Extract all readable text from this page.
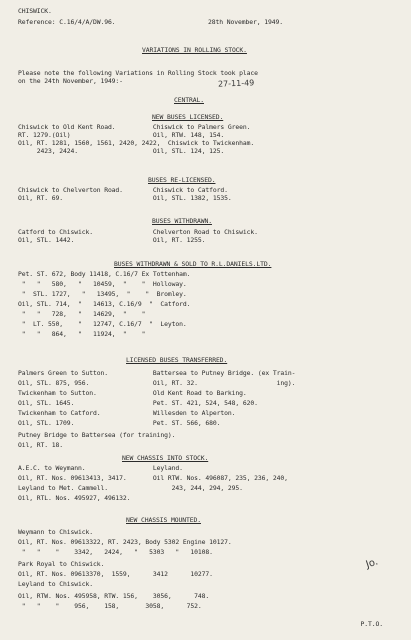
CHISWICK.
Reference: C.16/4/A/DW.96.	28th November, 1949.
VARIATIONS IN ROLLING STOCK.
Please note the following Variations in Rolling Stock took place
on the 24th November, 1949:-	27-11-49
CENTRAL.
NEW BUSES LICENSED.
Chiswick to Old Kent Road.          Chiswick to Palmers Green.
RT. 1279.(Oil)                      Oil, RTW. 148, 154.
Oil, RT. 1281, 1560, 1561, 2420, 2422,  Chiswick to Twickenham.
2423, 2424.                    Oil, STL. 124, 125.
BUSES RE-LICENSED.
Chiswick to Chelverton Road.        Chiswick to Catford.
Oil, RT. 69.                        Oil, STL. 1382, 1535.
BUSES WITHDRAWN.
Catford to Chiswick.                Chelverton Road to Chiswick.
Oil, STL. 1442.                     Oil, RT. 1255.
BUSES WITHDRAWN & SOLD TO R.L.DANIELS.LTD.
Pet. ST. 672, Body 11418, C.16/7 Ex Tottenham.
"   "   580,   "   10459,  "    "  Holloway.
"  STL. 1727,   "   13495,  "    "  Bromley.
Oil, STL. 714,  "   14613, C.16/9  "  Catford.
"   "   728,   "   14629,  "    "
"  LT. 550,    "   12747, C.16/7  "  Leyton.
"   "   864,   "   11924,  "    "
LICENSED BUSES TRANSFERRED.
Palmers Green to Sutton.            Battersea to Putney Bridge. (ex Train-
Oil, STL. 875, 956.                 Oil, RT. 32.                     ing).
Twickenham to Sutton.               Old Kent Road to Barking.
Oil, STL. 1645.                     Pet. ST. 421, 524, 548, 620.
Twickenham to Catford.              Willesden to Alperton.
Oil, STL. 1709.                     Pet. ST. 566, 680.
Putney Bridge to Battersea (for training).
Oil, RT. 18.
NEW CHASSIS INTO STOCK.
A.E.C. to Weymann.                  Leyland.
Oil, RT. Nos. 09613413, 3417.       Oil RTW. Nos. 496087, 235, 236, 240,
Leyland to Met. Cammell.                 243, 244, 294, 295.
Oil, RTL. Nos. 495927, 496132.
NEW CHASSIS MOUNTED.
Weymann to Chiswick.
Oil, RT. Nos. 09613322, RT. 2423, Body 5302 Engine 10127.
"   "    "    3342,   2424,   "   5303   "   10108.
Park Royal to Chiswick.
Oil, RT. Nos. 09613370,  1559,      3412      10277.
Leyland to Chiswick.
Oil, RTW. Nos. 495958, RTW. 156,    3056,      748.
"   "    "    956,    158,       3058,      752.
Jo.
P.T.O.
